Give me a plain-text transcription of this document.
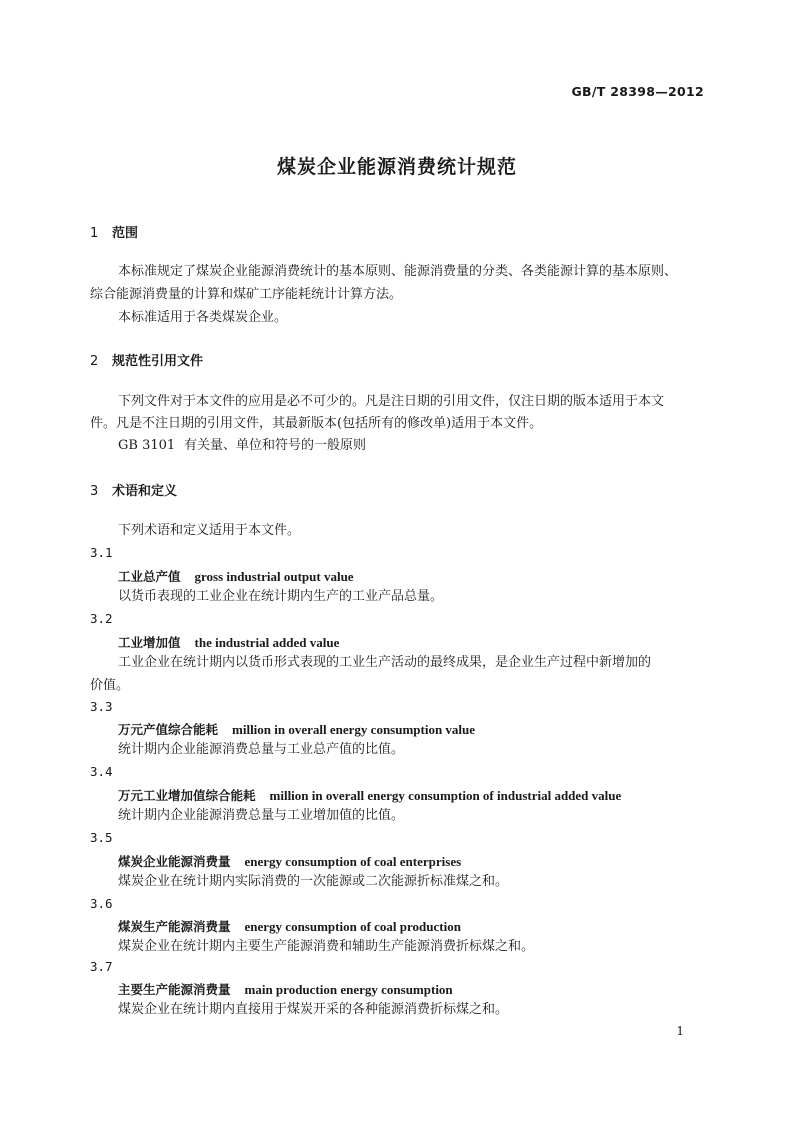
GB/T 28398—2012
煤炭企业能源消费统计规范
1 范围
本标准规定了煤炭企业能源消费统计的基本原则、能源消费量的分类、各类能源计算的基本原则、
综合能源消费量的计算和煤矿工序能耗统计计算方法。
本标准适用于各类煤炭企业。
2 规范性引用文件
下列文件对于本文件的应用是必不可少的。凡是注日期的引用文件，仅注日期的版本适用于本文
件。凡是不注日期的引用文件，其最新版本(包括所有的修改单)适用于本文件。
GB 3101 有关量、单位和符号的一般原则
3 术语和定义
下列术语和定义适用于本文件。
3.1
工业总产值 gross industrial output value
以货币表现的工业企业在统计期内生产的工业产品总量。
3.2
工业增加值 the industrial added value
工业企业在统计期内以货币形式表现的工业生产活动的最终成果，是企业生产过程中新增加的
价值。
3.3
万元产值综合能耗 million in overall energy consumption value
统计期内企业能源消费总量与工业总产值的比值。
3.4
万元工业增加值综合能耗 million in overall energy consumption of industrial added value
统计期内企业能源消费总量与工业增加值的比值。
3.5
煤炭企业能源消费量 energy consumption of coal enterprises
煤炭企业在统计期内实际消费的一次能源或二次能源折标准煤之和。
3.6
煤炭生产能源消费量 energy consumption of coal production
煤炭企业在统计期内主要生产能源消费和辅助生产能源消费折标煤之和。
3.7
主要生产能源消费量 main production energy consumption
煤炭企业在统计期内直接用于煤炭开采的各种能源消费折标煤之和。
1
